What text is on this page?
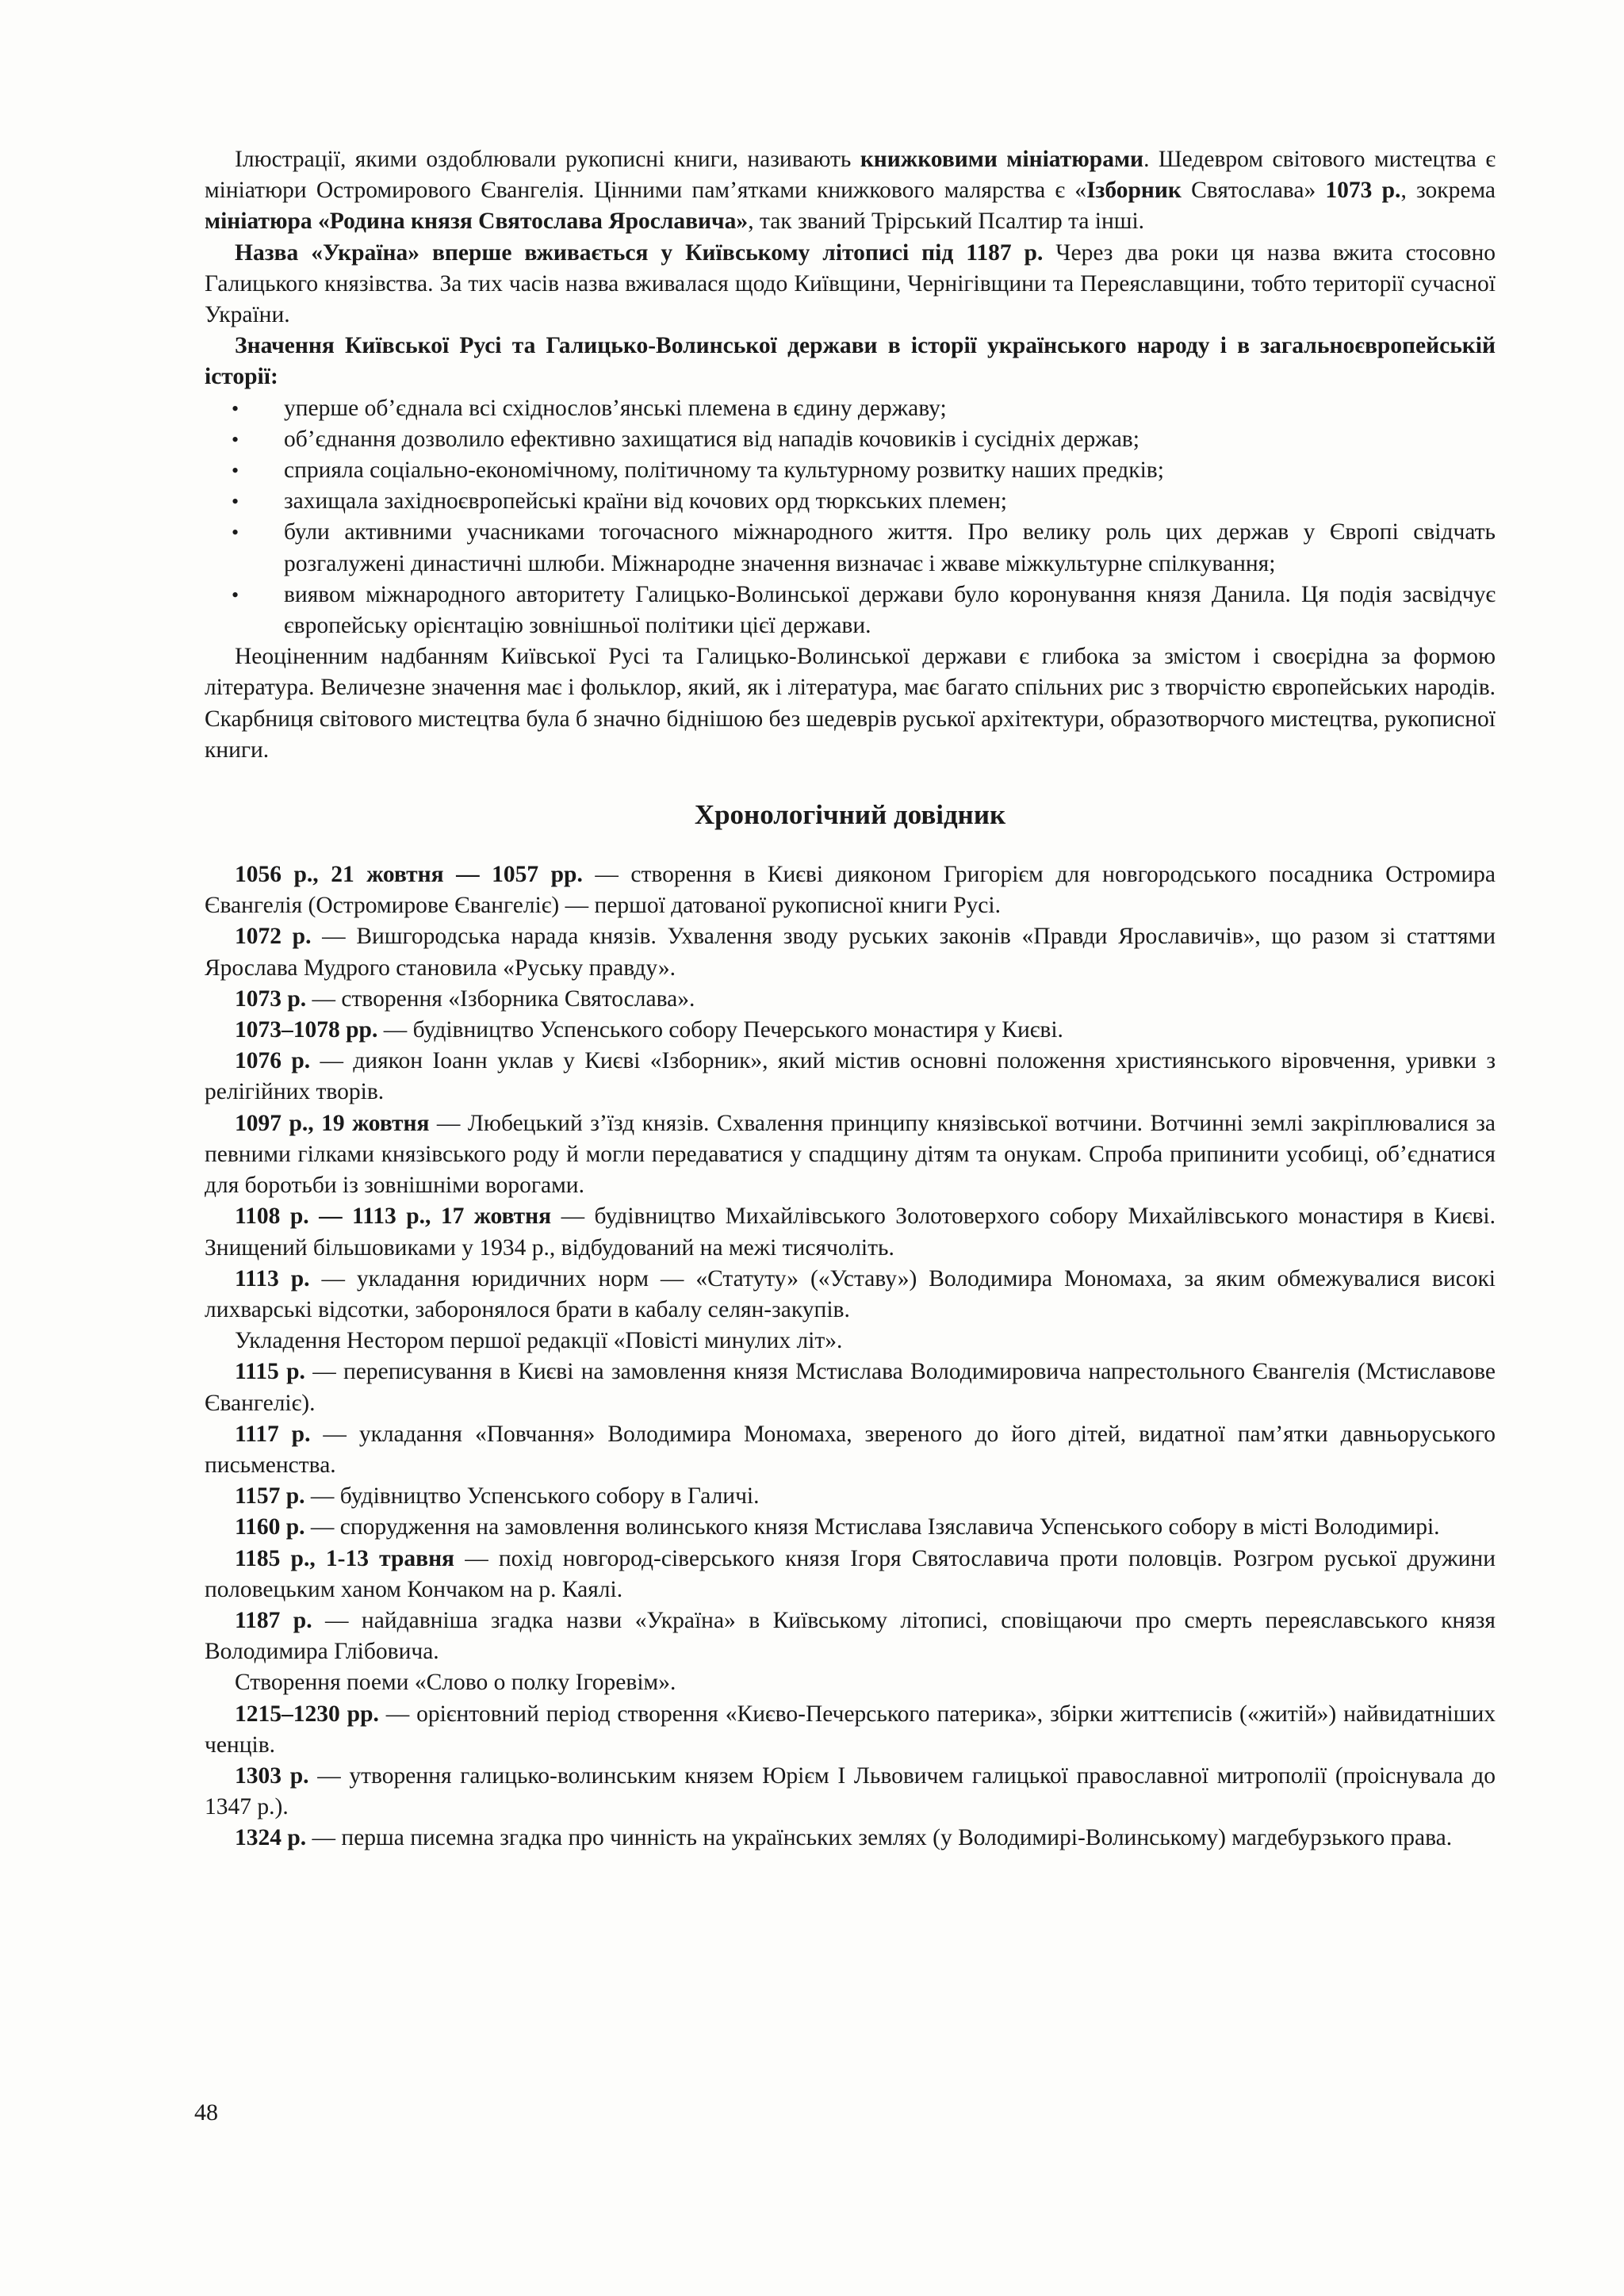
Ілюстрації, якими оздоблювали рукописні книги, називають книжковими мініатюрами. Шедевром світового мистецтва є мініатюри Остромирового Євангелія. Цінними пам’ятками книжкового малярства є «Ізборник Святослава» 1073 р., зокрема мініатюра «Родина князя Святослава Ярославича», так званий Трірський Псалтир та інші.

Назва «Україна» вперше вживається у Київському літописі під 1187 р. Через два роки ця назва вжита стосовно Галицького князівства. За тих часів назва вживалася щодо Київщини, Чернігівщини та Переяславщини, тобто території сучасної України.

Значення Київської Русі та Галицько-Волинської держави в історії українського народу і в загальноєвропейській історії:

• уперше об’єднала всі східнослов’янські племена в єдину державу;
• об’єднання дозволило ефективно захищатися від нападів кочовиків і сусідніх держав;
• сприяла соціально-економічному, політичному та культурному розвитку наших предків;
• захищала західноєвропейські країни від кочових орд тюркських племен;
• були активними учасниками тогочасного міжнародного життя. Про велику роль цих держав у Європі свідчать розгалужені династичні шлюби. Міжнародне значення визначає і жваве міжкультурне спілкування;
• виявом міжнародного авторитету Галицько-Волинської держави було коронування князя Данила. Ця подія засвідчує європейську орієнтацію зовнішньої політики цієї держави.

Неоціненним надбанням Київської Русі та Галицько-Волинської держави є глибока за змістом і своєрідна за формою література. Величезне значення має і фольклор, який, як і література, має багато спільних рис з творчістю європейських народів. Скарбниця світового мистецтва була б значно біднішою без шедеврів руської архітектури, образотворчого мистецтва, рукописної книги.

Хронологічний довідник

1056 р., 21 жовтня — 1057 рр. — створення в Києві дияконом Григорієм для новгородського посадника Остромира Євангелія (Остромирове Євангеліє) — першої датованої рукописної книги Русі.

1072 р. — Вишгородська нарада князів. Ухвалення зводу руських законів «Правди Ярославичів», що разом зі статтями Ярослава Мудрого становила «Руську правду».

1073 р. — створення «Ізборника Святослава».

1073–1078 рр. — будівництво Успенського собору Печерського монастиря у Києві.

1076 р. — диякон Іоанн уклав у Києві «Ізборник», який містив основні положення християнського віровчення, уривки з релігійних творів.

1097 р., 19 жовтня — Любецький з’їзд князів. Схвалення принципу князівської вотчини. Вотчинні землі закріплювалися за певними гілками князівського роду й могли передаватися у спадщину дітям та онукам. Спроба припинити усобиці, об’єднатися для боротьби із зовнішніми ворогами.

1108 р. — 1113 р., 17 жовтня — будівництво Михайлівського Золотоверхого собору Михайлівського монастиря в Києві. Знищений більшовиками у 1934 р., відбудований на межі тисячоліть.

1113 р. — укладання юридичних норм — «Статуту» («Уставу») Володимира Мономаха, за яким обмежувалися високі лихварські відсотки, заборонялося брати в кабалу селян-закупів.

Укладення Нестором першої редакції «Повісті минулих літ».

1115 р. — переписування в Києві на замовлення князя Мстислава Володимировича напрестольного Євангелія (Мстиславове Євангеліє).

1117 р. — укладання «Повчання» Володимира Мономаха, звереного до його дітей, видатної пам’ятки давньоруського письменства.

1157 р. — будівництво Успенського собору в Галичі.

1160 р. — спорудження на замовлення волинського князя Мстислава Ізяславича Успенського собору в місті Володимирі.

1185 р., 1-13 травня — похід новгород-сіверського князя Ігоря Святославича проти половців. Розгром руської дружини половецьким ханом Кончаком на р. Каялі.

1187 р. — найдавніша згадка назви «Україна» в Київському літописі, сповіщаючи про смерть переяславського князя Володимира Глібовича.

Створення поеми «Слово о полку Ігоревім».

1215–1230 рр. — орієнтовний період створення «Києво-Печерського патерика», збірки життєписів («житій») найвидатніших ченців.

1303 р. — утворення галицько-волинським князем Юрієм І Львовичем галицької православної митрополії (проіснувала до 1347 р.).

1324 р. — перша писемна згадка про чинність на українських землях (у Володимирі-Волинському) магдебурзького права.

48
